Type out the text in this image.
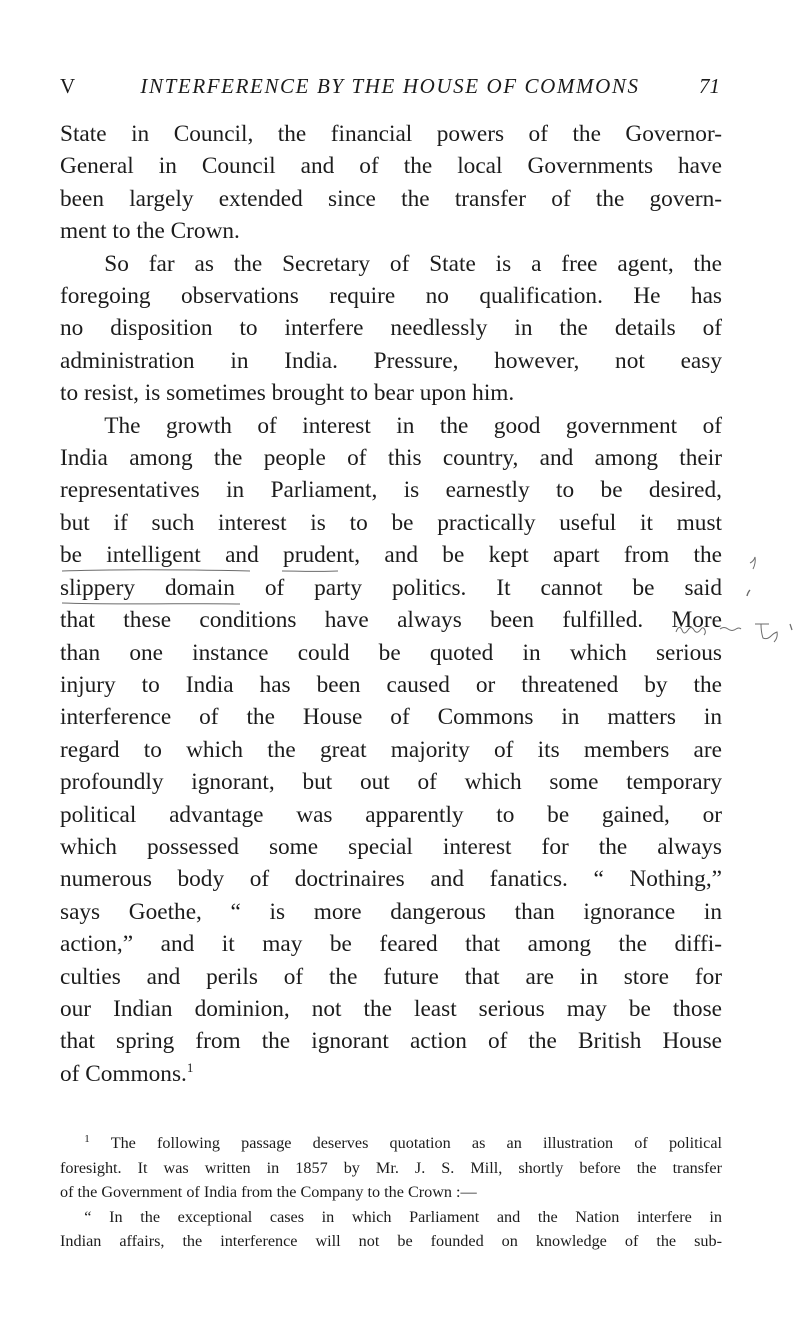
V	INTERFERENCE BY THE HOUSE OF COMMONS	71
State in Council, the financial powers of the Governor-
General in Council and of the local Governments have
been largely extended since the transfer of the govern-
ment to the Crown.
So far as the Secretary of State is a free agent, the
foregoing observations require no qualification. He has
no disposition to interfere needlessly in the details of
administration in India. Pressure, however, not easy
to resist, is sometimes brought to bear upon him.
The growth of interest in the good government of
India among the people of this country, and among their
representatives in Parliament, is earnestly to be desired,
but if such interest is to be practically useful it must
be intelligent and prudent, and be kept apart from the
slippery domain of party politics. It cannot be said
that these conditions have always been fulfilled. More
than one instance could be quoted in which serious
injury to India has been caused or threatened by the
interference of the House of Commons in matters in
regard to which the great majority of its members are
profoundly ignorant, but out of which some temporary
political advantage was apparently to be gained, or
which possessed some special interest for the always
numerous body of doctrinaires and fanatics. “ Nothing,”
says Goethe, “ is more dangerous than ignorance in
action,” and it may be feared that among the diffi-
culties and perils of the future that are in store for
our Indian dominion, not the least serious may be those
that spring from the ignorant action of the British House
of Commons.$^1$
$^1$ The following passage deserves quotation as an illustration of political
foresight. It was written in 1857 by Mr. J. S. Mill, shortly before the transfer
of the Government of India from the Company to the Crown :—
“ In the exceptional cases in which Parliament and the Nation interfere in
Indian affairs, the interference will not be founded on knowledge of the sub-
